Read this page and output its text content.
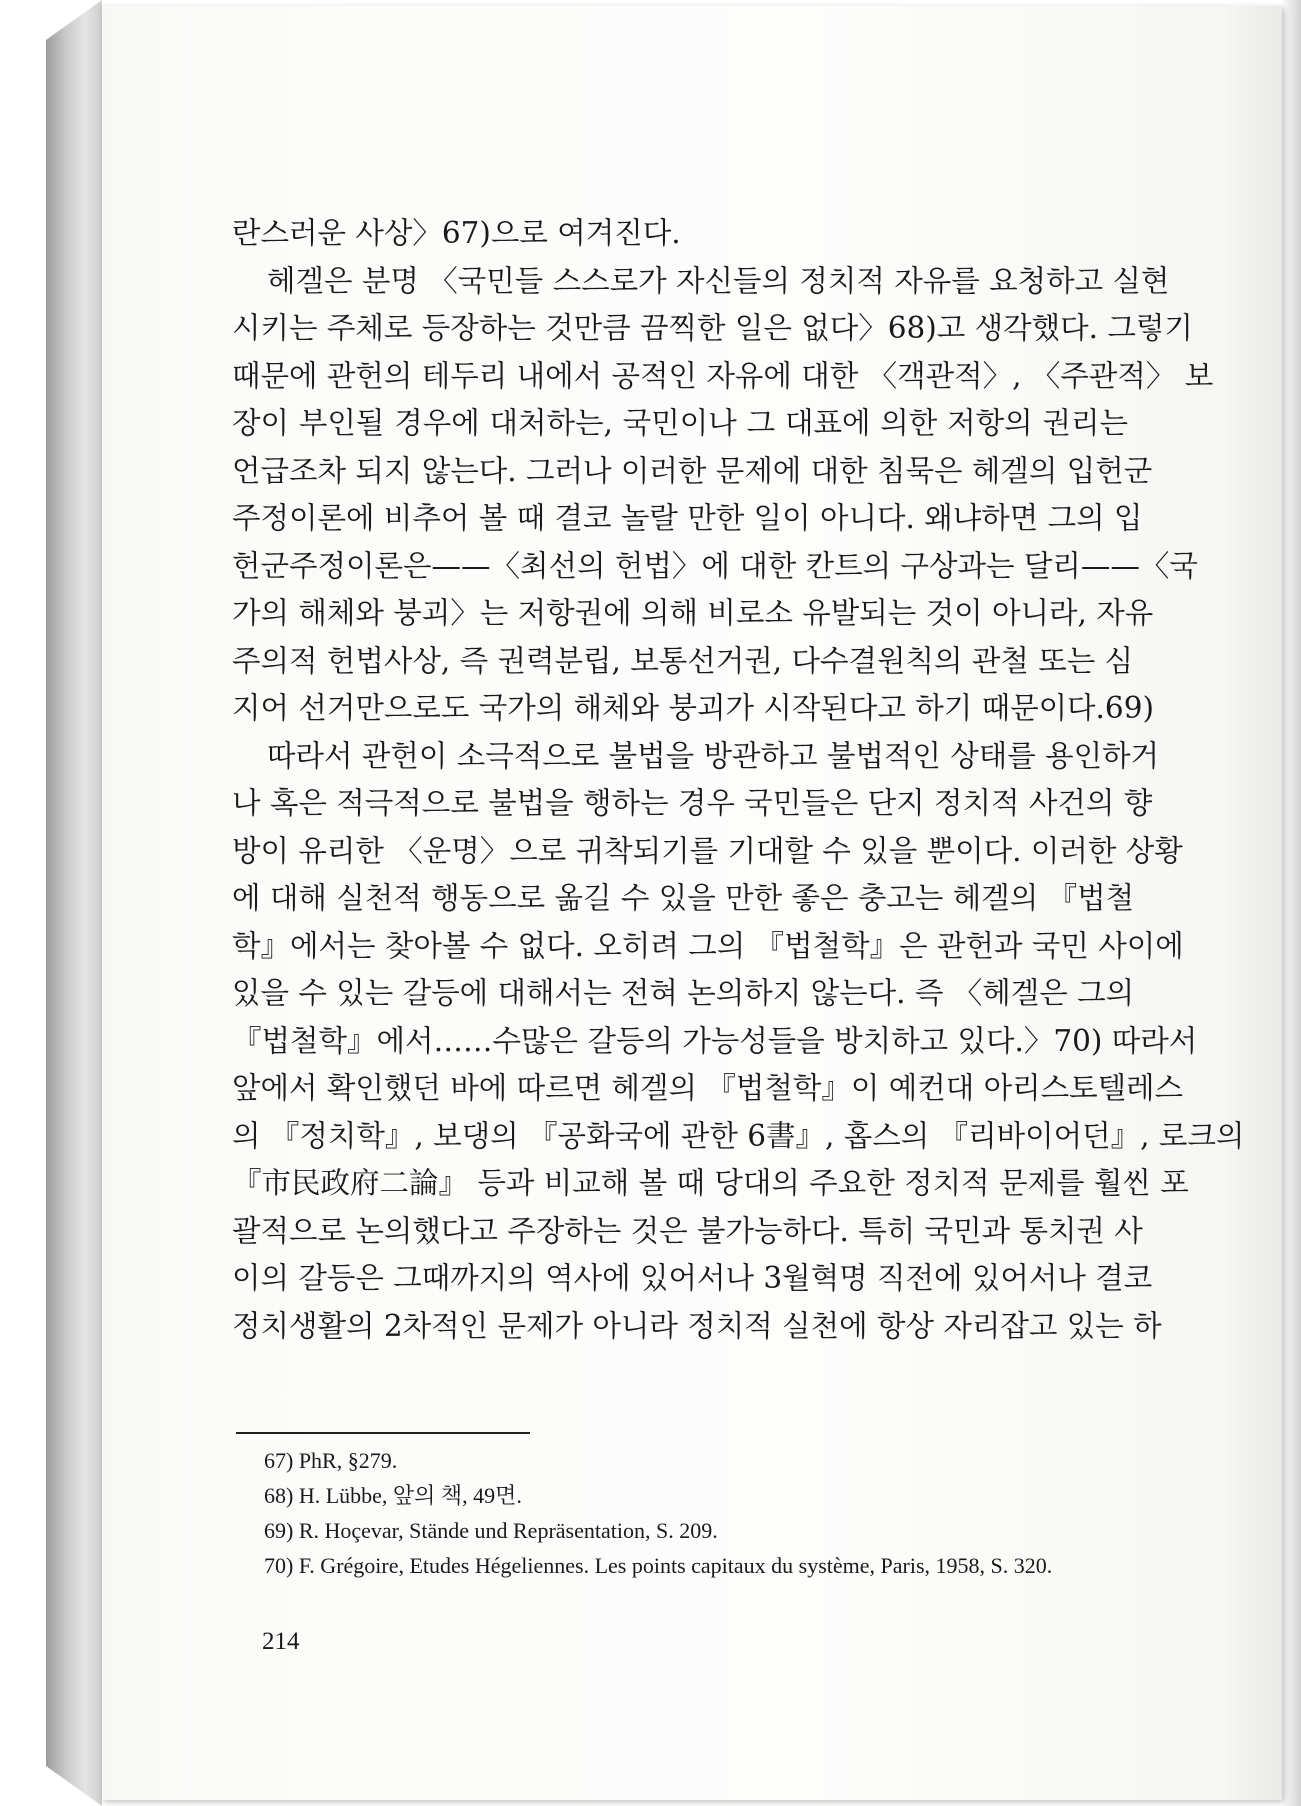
란스러운 사상〉67)으로 여겨진다.
헤겔은 분명 〈국민들 스스로가 자신들의 정치적 자유를 요청하고 실현
시키는 주체로 등장하는 것만큼 끔찍한 일은 없다〉68)고 생각했다. 그렇기
때문에 관헌의 테두리 내에서 공적인 자유에 대한 〈객관적〉, 〈주관적〉 보
장이 부인될 경우에 대처하는, 국민이나 그 대표에 의한 저항의 권리는
언급조차 되지 않는다. 그러나 이러한 문제에 대한 침묵은 헤겔의 입헌군
주정이론에 비추어 볼 때 결코 놀랄 만한 일이 아니다. 왜냐하면 그의 입
헌군주정이론은——〈최선의 헌법〉에 대한 칸트의 구상과는 달리——〈국
가의 해체와 붕괴〉는 저항권에 의해 비로소 유발되는 것이 아니라, 자유
주의적 헌법사상, 즉 권력분립, 보통선거권, 다수결원칙의 관철 또는 심
지어 선거만으로도 국가의 해체와 붕괴가 시작된다고 하기 때문이다.69)
따라서 관헌이 소극적으로 불법을 방관하고 불법적인 상태를 용인하거
나 혹은 적극적으로 불법을 행하는 경우 국민들은 단지 정치적 사건의 향
방이 유리한 〈운명〉으로 귀착되기를 기대할 수 있을 뿐이다. 이러한 상황
에 대해 실천적 행동으로 옮길 수 있을 만한 좋은 충고는 헤겔의 『법철
학』에서는 찾아볼 수 없다. 오히려 그의 『법철학』은 관헌과 국민 사이에
있을 수 있는 갈등에 대해서는 전혀 논의하지 않는다. 즉 〈헤겔은 그의
『법철학』에서……수많은 갈등의 가능성들을 방치하고 있다.〉70) 따라서
앞에서 확인했던 바에 따르면 헤겔의 『법철학』이 예컨대 아리스토텔레스
의 『정치학』, 보댕의 『공화국에 관한 6書』, 홉스의 『리바이어던』, 로크의
『市民政府二論』 등과 비교해 볼 때 당대의 주요한 정치적 문제를 훨씬 포
괄적으로 논의했다고 주장하는 것은 불가능하다. 특히 국민과 통치권 사
이의 갈등은 그때까지의 역사에 있어서나 3월혁명 직전에 있어서나 결코
정치생활의 2차적인 문제가 아니라 정치적 실천에 항상 자리잡고 있는 하
67) PhR, §279.
68) H. Lübbe, 앞의 책, 49면.
69) R. Hoçevar, Stände und Repräsentation, S. 209.
70) F. Grégoire, Etudes Hégeliennes. Les points capitaux du système, Paris, 1958, S. 320.
214
